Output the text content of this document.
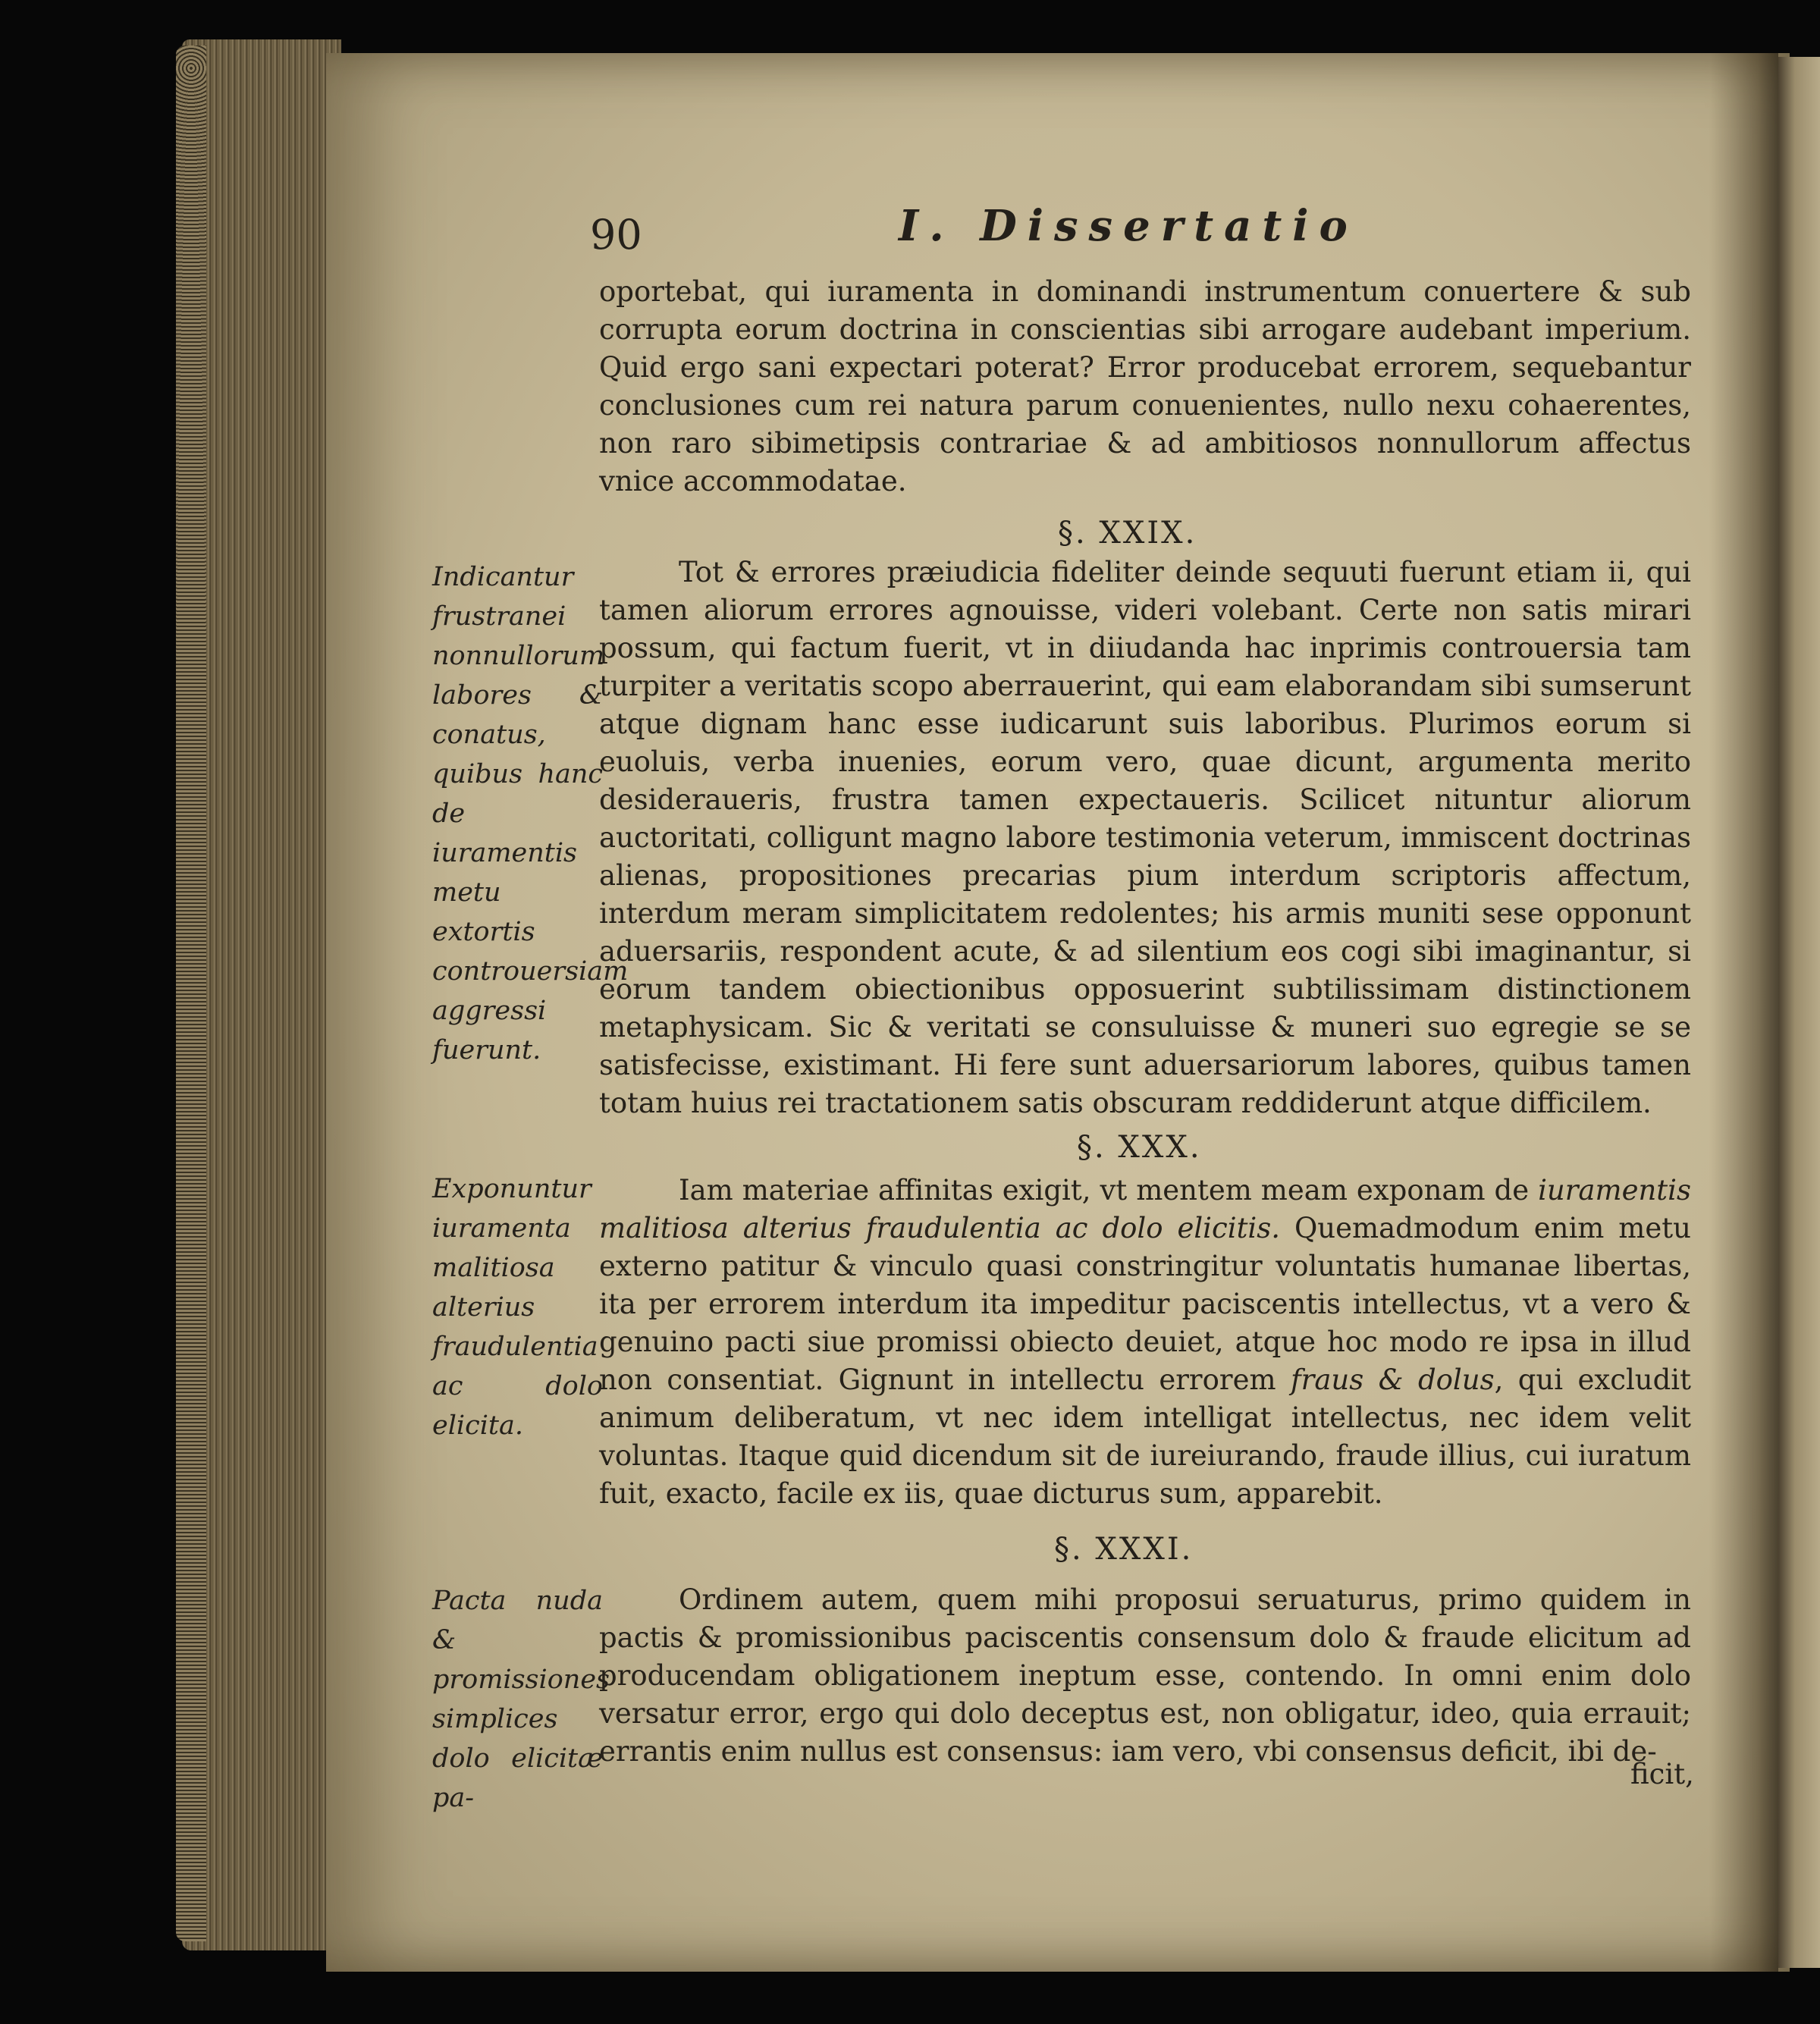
90	I. Dissertatio

oportebat, qui iuramenta in dominandi instrumentum conuertere & sub corrupta eorum doctrina in conscientias sibi arrogare audebant imperium. Quid ergo sani expectari poterat? Error producebat errorem, sequebantur conclusiones cum rei natura parum conuenientes, nullo nexu cohaerentes, non raro sibimetipsis contrariae & ad ambitiosos nonnullorum affectus vnice accommodatae.

§. XXIX.

Indicantur frustranei nonnullorum labores & conatus, quibus hanc de iuramentis metu extortis controuersiam aggressi fuerunt.

Tot & errores præiudicia fideliter deinde sequuti fuerunt etiam ii, qui tamen aliorum errores agnouisse, videri volebant. Certe non satis mirari possum, qui factum fuerit, vt in diiudanda hac inprimis controuersia tam turpiter a veritatis scopo aberrauerint, qui eam elaborandam sibi sumserunt atque dignam hanc esse iudicarunt suis laboribus. Plurimos eorum si euoluis, verba inuenies, eorum vero, quae dicunt, argumenta merito desideraueris, frustra tamen expectaueris. Scilicet nituntur aliorum auctoritati, colligunt magno labore testimonia veterum, immiscent doctrinas alienas, propositiones precarias pium interdum scriptoris affectum, interdum meram simplicitatem redolentes; his armis muniti sese opponunt aduersariis, respondent acute, & ad silentium eos cogi sibi imaginantur, si eorum tandem obiectionibus opposuerint subtilissimam distinctionem metaphysicam. Sic & veritati se consuluisse & muneri suo egregie se se satisfecisse, existimant. Hi fere sunt aduersariorum labores, quibus tamen totam huius rei tractationem satis obscuram reddiderunt atque difficilem.

§. XXX.

Exponuntur iuramenta malitiosa alterius fraudulentia ac dolo elicita.

Iam materiae affinitas exigit, vt mentem meam exponam de iuramentis malitiosa alterius fraudulentia ac dolo elicitis. Quemadmodum enim metu externo patitur & vinculo quasi constringitur voluntatis humanae libertas, ita per errorem interdum ita impeditur paciscentis intellectus, vt a vero & genuino pacti siue promissi obiecto deuiet, atque hoc modo re ipsa in illud non consentiat. Gignunt in intellectu errorem fraus & dolus, qui excludit animum deliberatum, vt nec idem intelligat intellectus, nec idem velit voluntas. Itaque quid dicendum sit de iureiurando, fraude illius, cui iuratum fuit, exacto, facile ex iis, quae dicturus sum, apparebit.

§. XXXI.

Pacta nuda & promissiones simplices dolo elicitæ pa-

Ordinem autem, quem mihi proposui seruaturus, primo quidem in pactis & promissionibus paciscentis consensum dolo & fraude elicitum ad producendam obligationem ineptum esse, contendo. In omni enim dolo versatur error, ergo qui dolo deceptus est, non obligatur, ideo, quia errauit; errantis enim nullus est consensus: iam vero, vbi consensus deficit, ibi de-

ficit,
